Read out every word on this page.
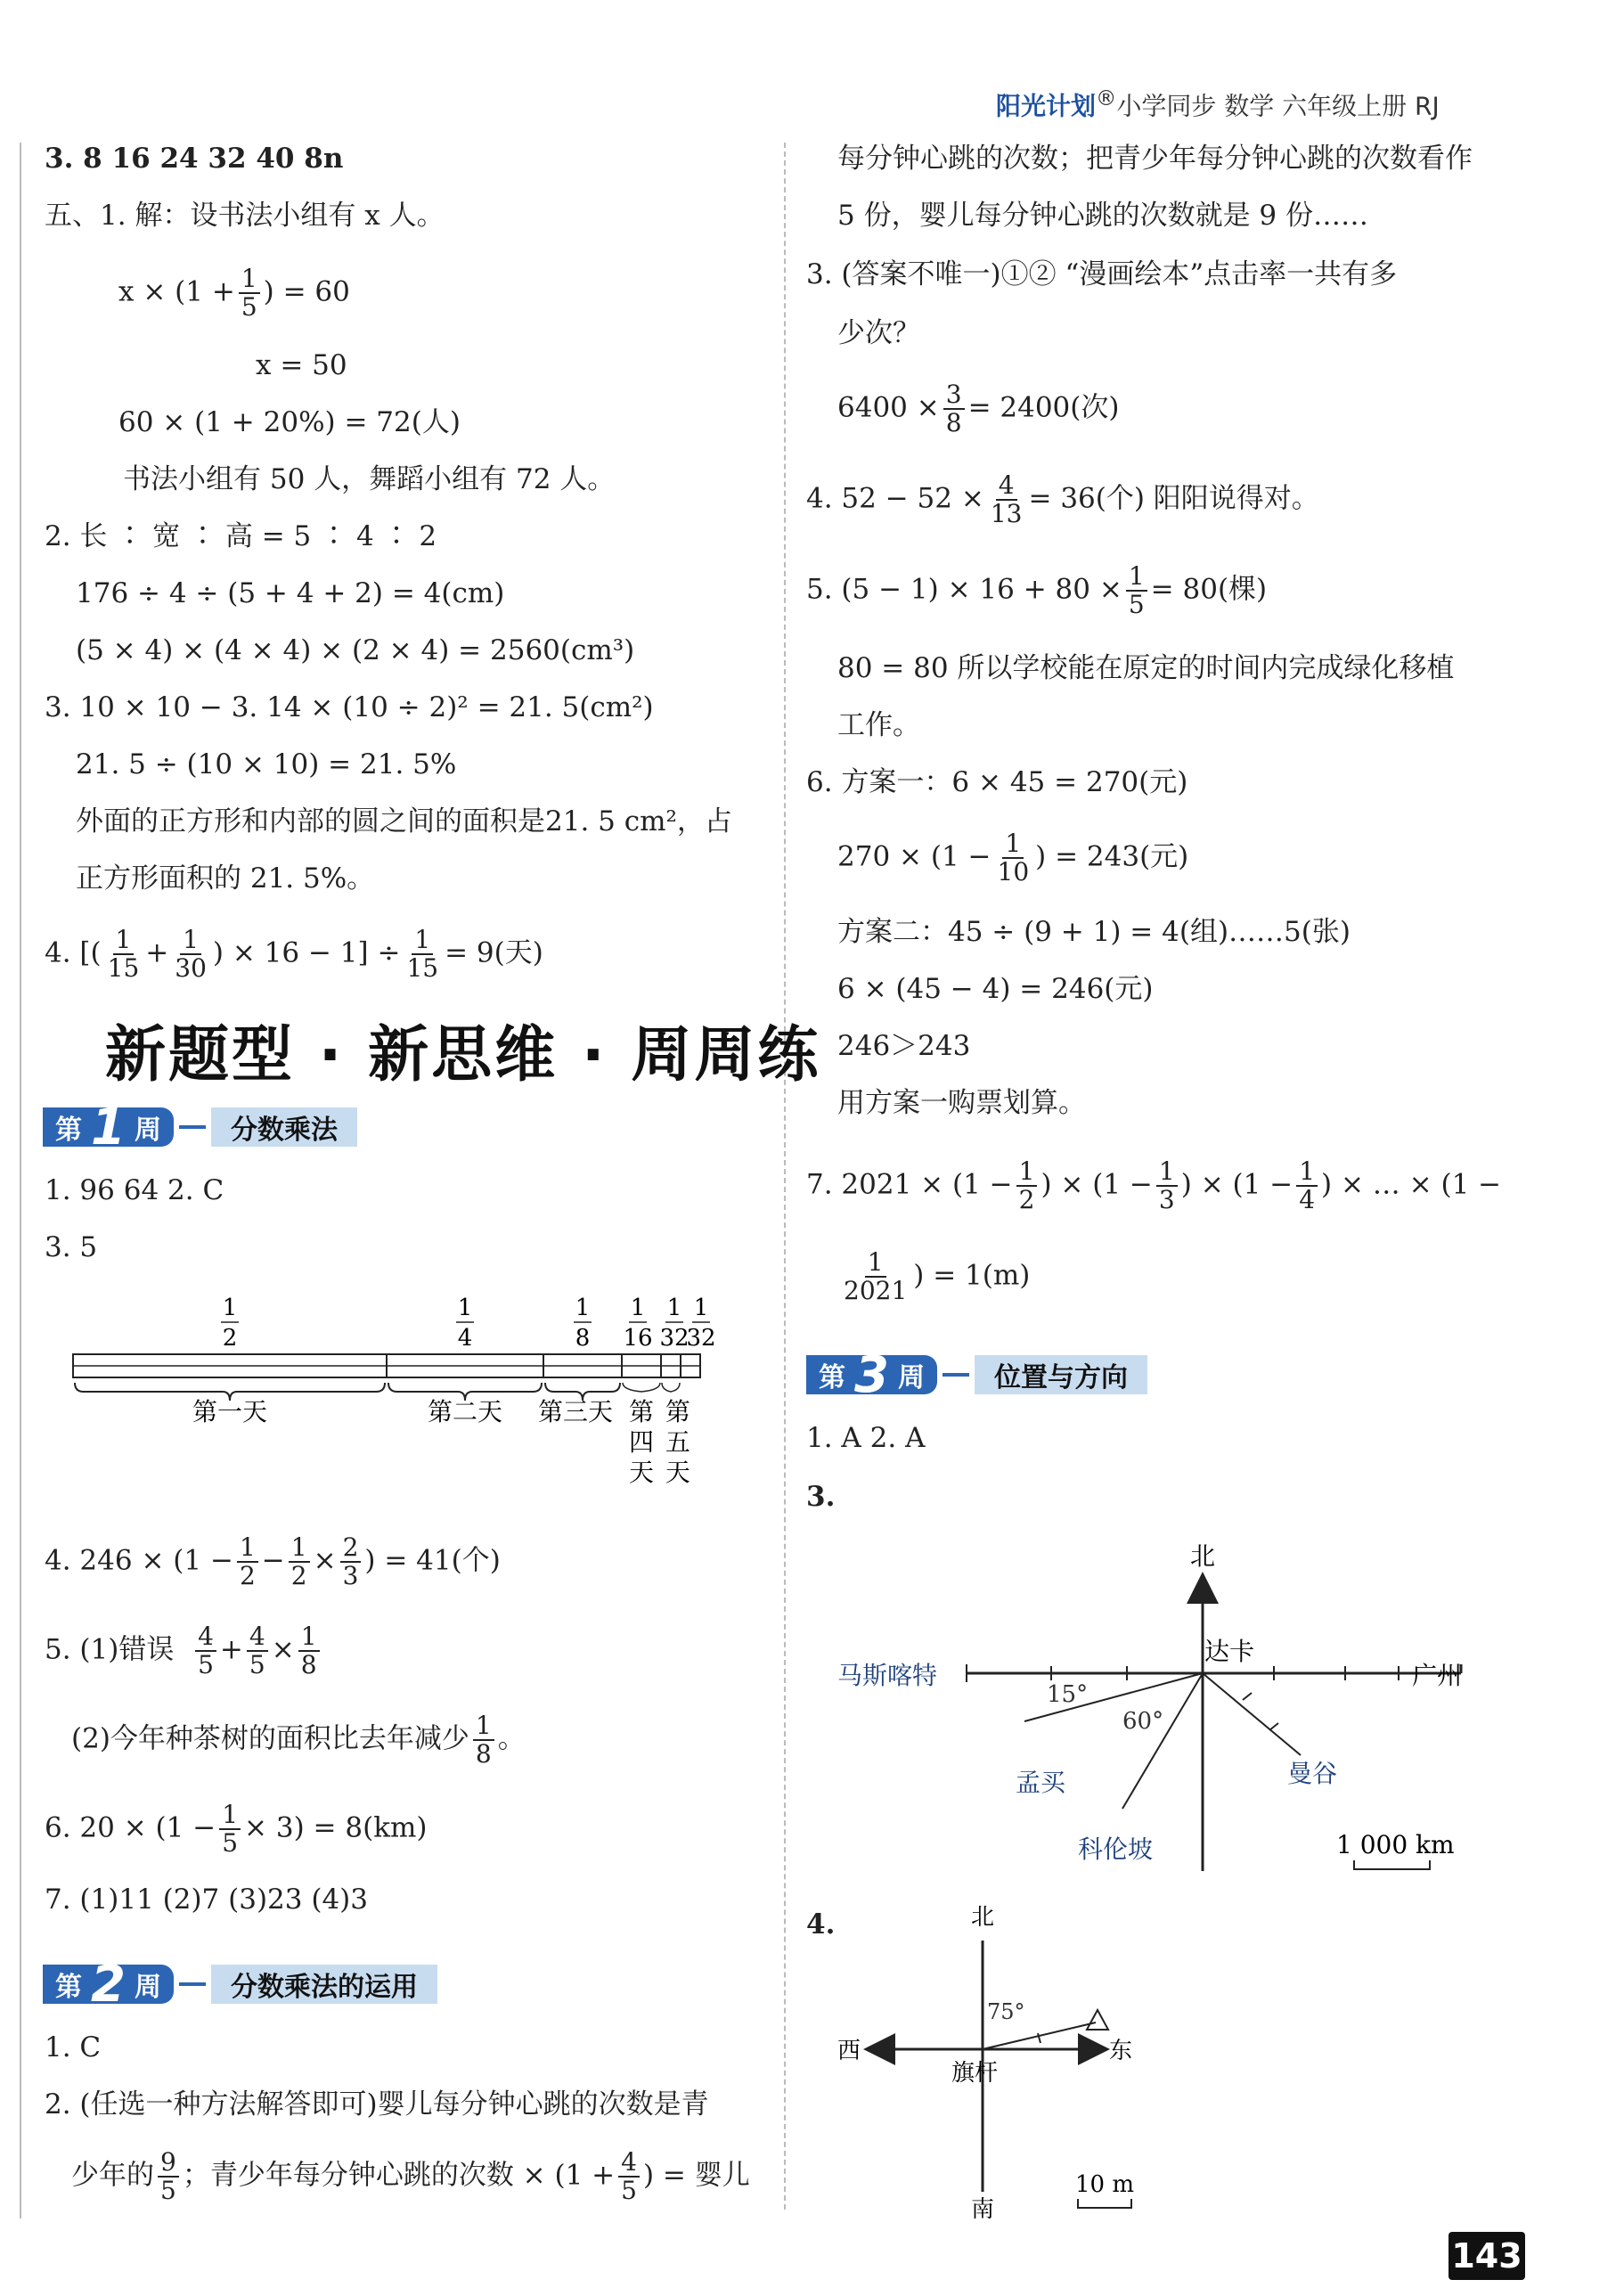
阳光计划®小学同步 数学 六年级上册 RJ
3. 8 16 24 32 40 8n
五、1. 解：设书法小组有 x 人。
$x \times (1 + \frac{1}{5}$ ) = 60
x = 50
60 × (1 + 20%) = 72(人)
书法小组有 50 人，舞蹈小组有 72 人。
2. 长 ∶ 宽 ∶ 高 = 5 ∶ 4 ∶ 2
176 ÷ 4 ÷ (5 + 4 + 2) = 4(cm)
(5 × 4) × (4 × 4) × (2 × 4) = 2560(cm³)
3. 10 × 10 − 3. 14 × (10 ÷ 2)² = 21. 5(cm²)
21. 5 ÷ (10 × 10) = 21. 5%
外面的正方形和内部的圆之间的面积是21. 5 cm²，占
正方形面积的 21. 5%。
4. [( $\frac{1}{15} + \frac{1}{30}$ ) × $16 - 1] \div \frac{1}{15} = 9$(天)
新题型 · 新思维 · 周周练
第 1 周	分数乘法
1. 96 64 2. C
3. 5
1
2
1
4
1
8
1
16
1
32
1
32
第一天	第二天 第三天 第
四
天
第
五
天
4. $246 \times (1 - \frac{1}{2} - \frac{1}{2} \times \frac{2}{3}$ ) = 41(个)
5. (1)错误 $\frac{4}{5} + \frac{4}{5} \times \frac{1}{8}$
(2)今年种茶树的面积比去年减少 $\frac{1}{8}$ 。
6. $20 \times (1 - \frac{1}{5} \times 3) = 8(km)$
7. (1)11 (2)7 (3)23 (4)3
第 2 周	分数乘法的运用
1. C
2. (任选一种方法解答即可)婴儿每分钟心跳的次数是青
少年的 $\frac{9}{5}$ ；青少年每分钟心跳的次数 × ($1 + \frac{4}{5}$ ) = 婴儿
每分钟心跳的次数；把青少年每分钟心跳的次数看作
5 份，婴儿每分钟心跳的次数就是 9 份……
3. (答案不唯一)①② “漫画绘本”点击率一共有多
少次？
$6400 \times \frac{3}{8} = 2400$(次)
4. $52 - 52 \times \frac{4}{13} = 36$(个) 阳阳说得对。
5. $(5 - 1) \times 16 + 80 \times \frac{1}{5} = 80$(棵)
80 = 80 所以学校能在原定的时间内完成绿化移植
工作。
6. 方案一：6 × 45 = 270(元)
$270 \times (1 - \frac{1}{10}$ ) = 243(元)
方案二：45 ÷ (9 + 1) = 4(组)……5(张)
6 × (45 − 4) = 246(元)
246＞243
用方案一购票划算。
7. $2021 \times (1 - \frac{1}{2}$ ) × ($1 - \frac{1}{3}$ ) × ($1 - \frac{1}{4}$ ) × … × (1 −
$\frac{1}{2021}$ ) = 1(m)
第 3 周	位置与方向
1. A 2. A
3.
北
达卡
广州
马斯喀特
15°
60°
孟买
科伦坡
曼谷
1 000 km
4.	北
南
西	东
旗杆
75°
10 m
143
